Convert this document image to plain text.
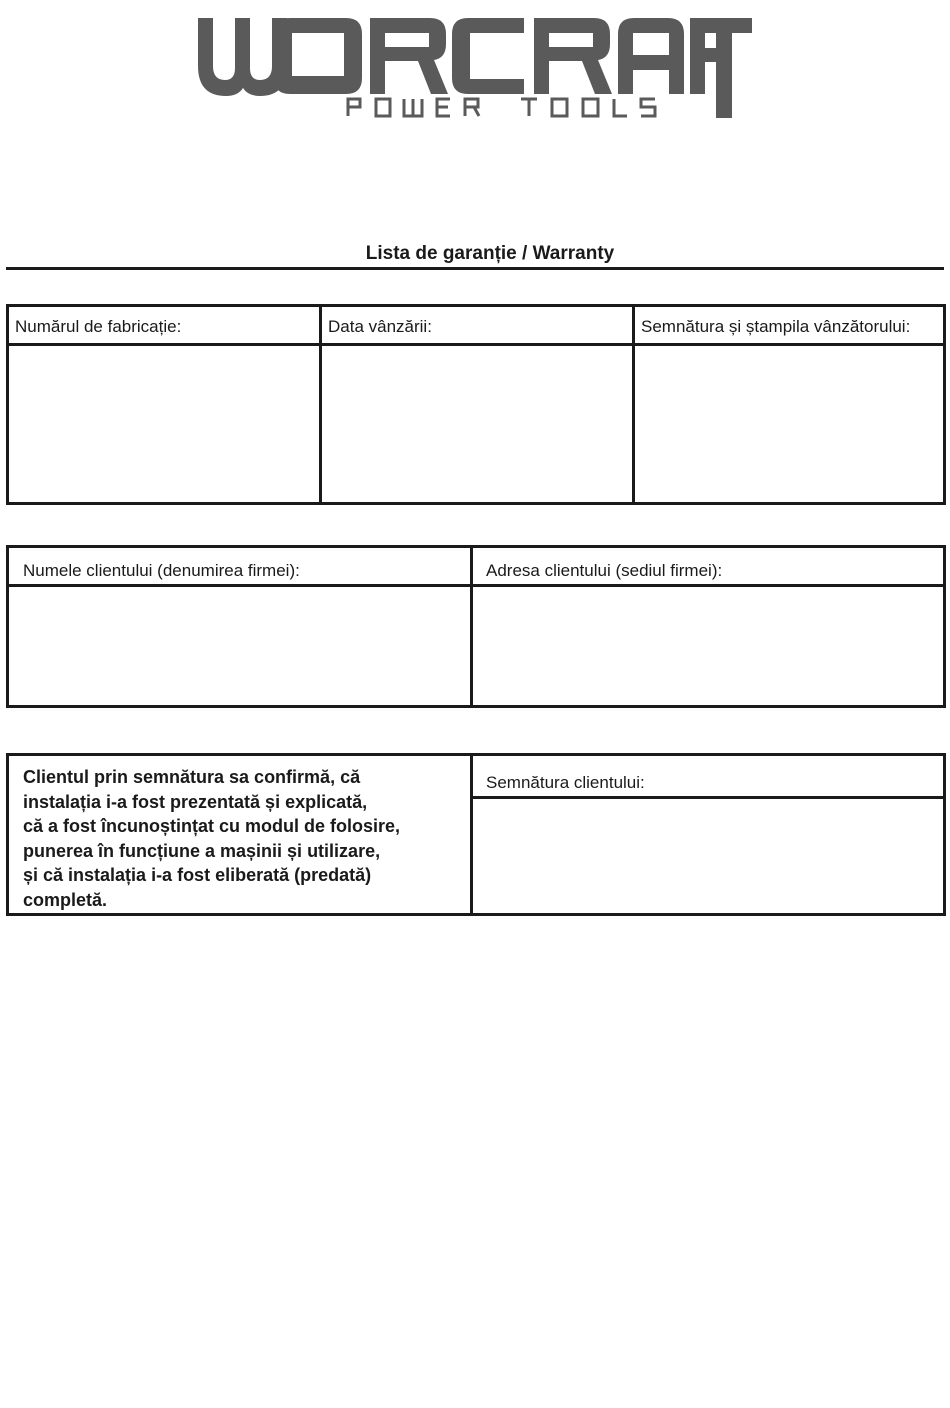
Lista de garanție / Warranty
Numărul de fabricație:	Data vânzării:	Semnătura și ștampila vânzătorului:
Numele clientului (denumirea firmei):	Adresa clientului (sediul firmei):
Clientul prin semnătura sa confirmă, că
instalația i-a fost prezentată și explicată,
că a fost încunoștințat cu modul de folosire,
punerea în funcțiune a mașinii și utilizare,
și că instalația i-a fost eliberată (predată)
completă.
Semnătura clientului:
